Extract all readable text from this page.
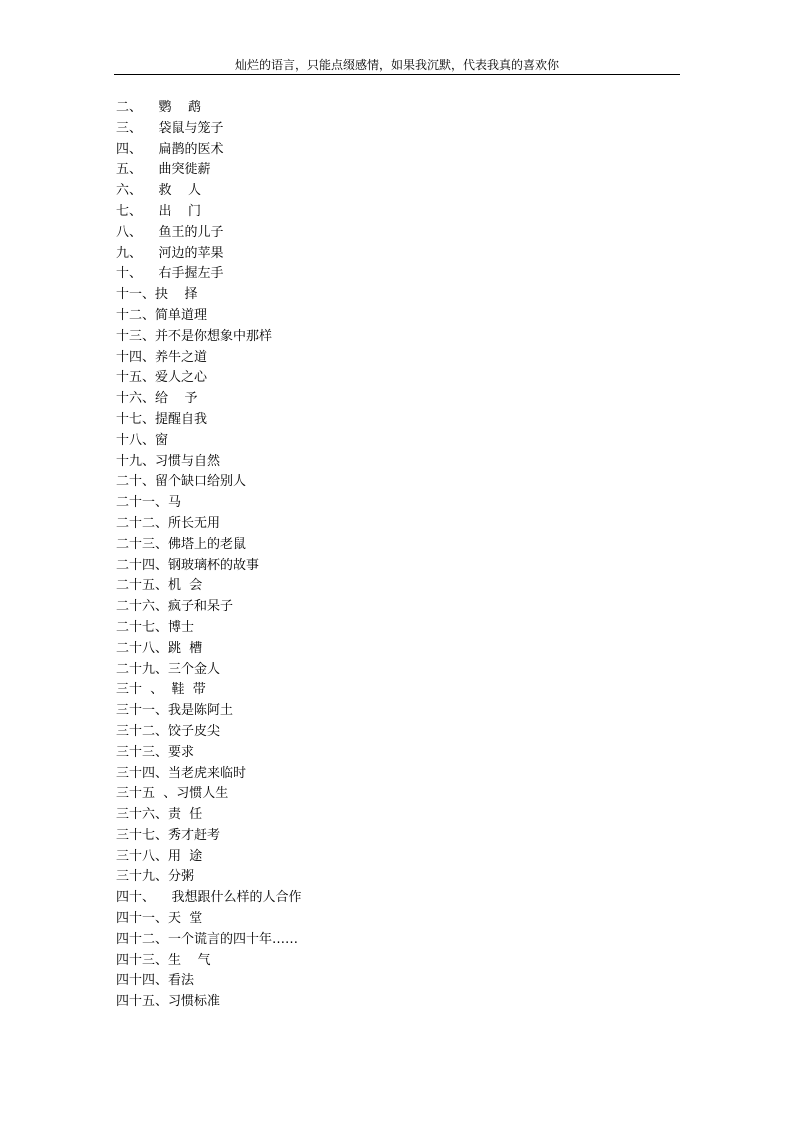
灿烂的语言，只能点缀感情，如果我沉默，代表我真的喜欢你
二、    鹦    鹉
三、    袋鼠与笼子
四、    扁鹊的医术
五、    曲突徙薪
六、    救    人
七、    出    门
八、    鱼王的儿子
九、    河边的苹果
十、    右手握左手
十一、抉    择
十二、简单道理
十三、并不是你想象中那样
十四、养牛之道
十五、爱人之心
十六、给    予
十七、提醒自我
十八、窗
十九、习惯与自然
二十、留个缺口给别人
二十一、马
二十二、所长无用
二十三、佛塔上的老鼠
二十四、钢玻璃杯的故事
二十五、机  会
二十六、疯子和呆子
二十七、博士
二十八、跳  槽
二十九、三个金人
三十  、  鞋  带
三十一、我是陈阿土
三十二、饺子皮尖
三十三、要求
三十四、当老虎来临时
三十五  、习惯人生
三十六、责  任
三十七、秀才赶考
三十八、用  途
三十九、分粥
四十、    我想跟什么样的人合作
四十一、天  堂
四十二、一个谎言的四十年……
四十三、生    气
四十四、看法
四十五、习惯标准
